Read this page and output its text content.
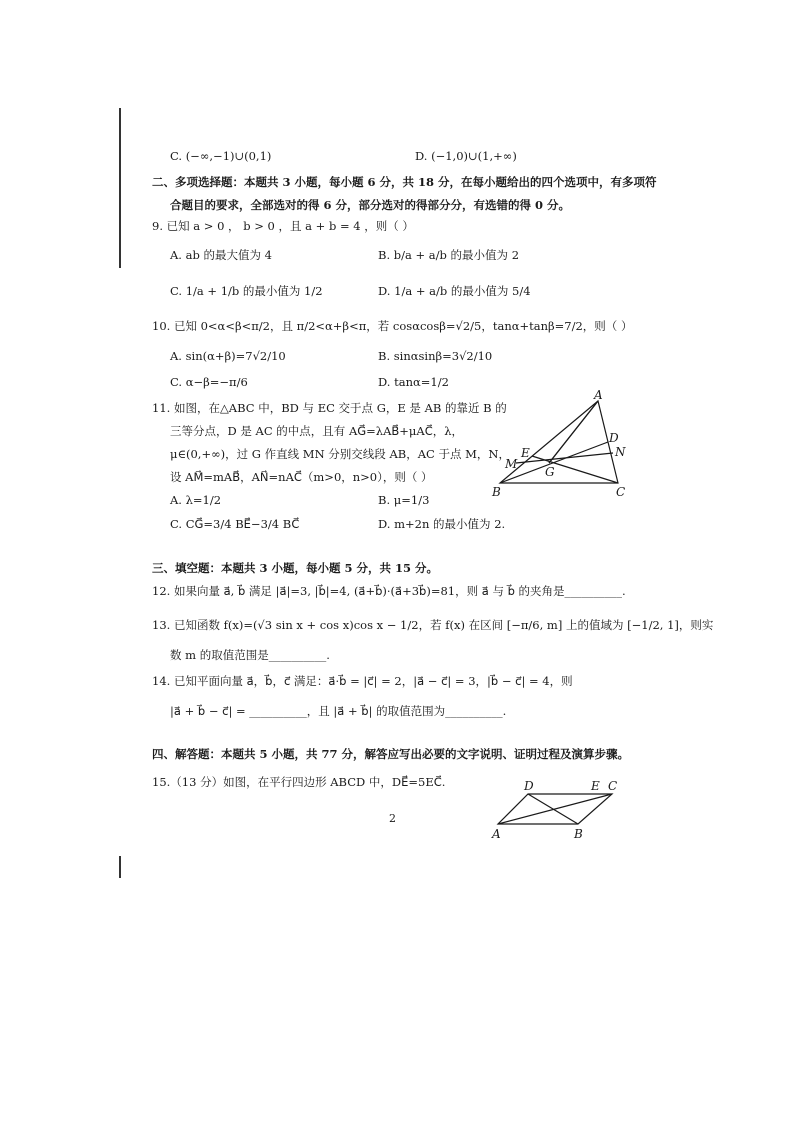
C. (−∞,−1)∪(0,1)	D. (−1,0)∪(1,+∞)
二、多项选择题：本题共 3 小题，每小题 6 分，共 18 分，在每小题给出的四个选项中，有多项符
合题目的要求，全部选对的得 6 分，部分选对的得部分分，有选错的得 0 分。
9. 已知 a > 0 ， b > 0 ，且 a + b = 4 ，则（ ）
A. ab 的最大值为 4	B. b/a + a/b 的最小值为 2
C. 1/a + 1/b 的最小值为 1/2	D. 1/a + a/b 的最小值为 5/4
10. 已知 0<α<β<π/2，且 π/2<α+β<π，若 cosαcosβ=√2/5，tanα+tanβ=7/2，则（ ）
A. sin(α+β)=7√2/10	B. sinαsinβ=3√2/10
C. α−β=−π/6	D. tanα=1/2
11. 如图，在△ABC 中，BD 与 EC 交于点 G，E 是 AB 的靠近 B 的
三等分点，D 是 AC 的中点，且有 AG⃗=λAB⃗+μAC⃗，λ，
μ∈(0,+∞)，过 G 作直线 MN 分别交线段 AB，AC 于点 M，N，
设 AM⃗=mAB⃗，AN⃗=nAC⃗（m>0，n>0），则（ ）
A. λ=1/2	B. μ=1/3
C. CG⃗=3/4 BE⃗−3/4 BC⃗	D. m+2n 的最小值为 2.
A
B	C
D
E
G
M
N
三、填空题：本题共 3 小题，每小题 5 分，共 15 分。
12. 如果向量 a⃗, b⃗ 满足 |a⃗|=3, |b⃗|=4, (a⃗+b⃗)·(a⃗+3b⃗)=81，则 a⃗ 与 b⃗ 的夹角是__________.
13. 已知函数 f(x)=(√3 sin x + cos x)cos x − 1/2，若 f(x) 在区间 [−π/6, m] 上的值域为 [−1/2, 1]，则实
数 m 的取值范围是__________.
14. 已知平面向量 a⃗，b⃗，c⃗ 满足：a⃗·b⃗ = |c⃗| = 2，|a⃗ − c⃗| = 3，|b⃗ − c⃗| = 4，则
|a⃗ + b⃗ − c⃗| = __________，且 |a⃗ + b⃗| 的取值范围为__________.
四、解答题：本题共 5 小题，共 77 分，解答应写出必要的文字说明、证明过程及演算步骤。
15.（13 分）如图，在平行四边形 ABCD 中，DE⃗=5EC⃗.
A	B
C
D	E
2
